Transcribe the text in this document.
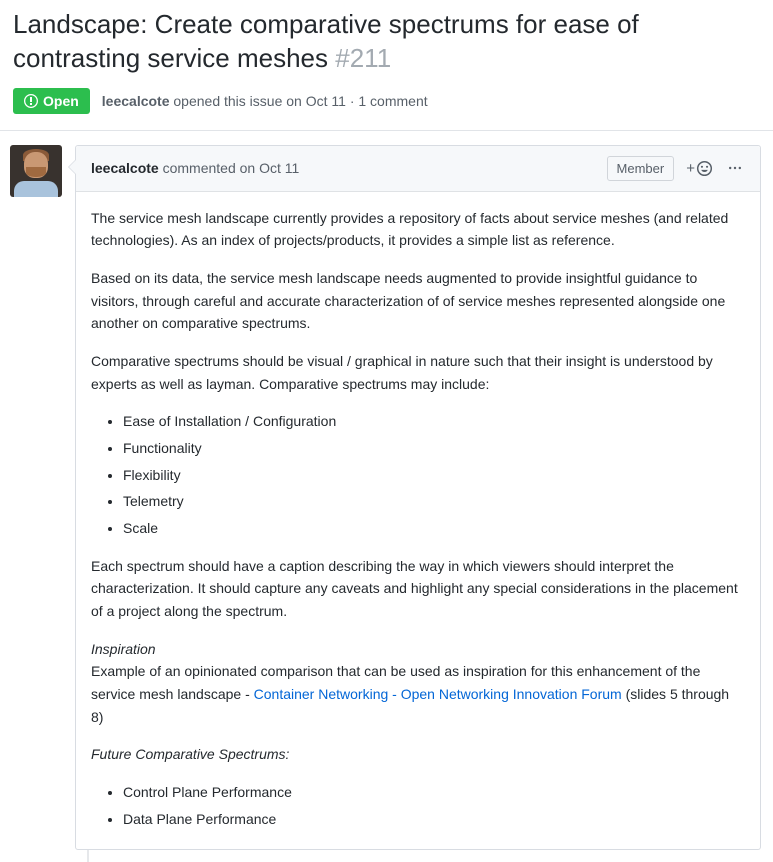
Landscape: Create comparative spectrums for ease of contrasting service meshes #211
Open leecalcote opened this issue on Oct 11 · 1 comment
leecalcote commented on Oct 11	Member	+

The service mesh landscape currently provides a repository of facts about service meshes (and related technologies). As an index of projects/products, it provides a simple list as reference.

Based on its data, the service mesh landscape needs augmented to provide insightful guidance to visitors, through careful and accurate characterization of of service meshes represented alongside one another on comparative spectrums.

Comparative spectrums should be visual / graphical in nature such that their insight is understood by experts as well as layman. Comparative spectrums may include:

• Ease of Installation / Configuration
• Functionality
• Flexibility
• Telemetry
• Scale

Each spectrum should have a caption describing the way in which viewers should interpret the characterization. It should capture any caveats and highlight any special considerations in the placement of a project along the spectrum.

Inspiration
Example of an opinionated comparison that can be used as inspiration for this enhancement of the service mesh landscape - Container Networking - Open Networking Innovation Forum (slides 5 through 8)

Future Comparative Spectrums:

• Control Plane Performance
• Data Plane Performance
